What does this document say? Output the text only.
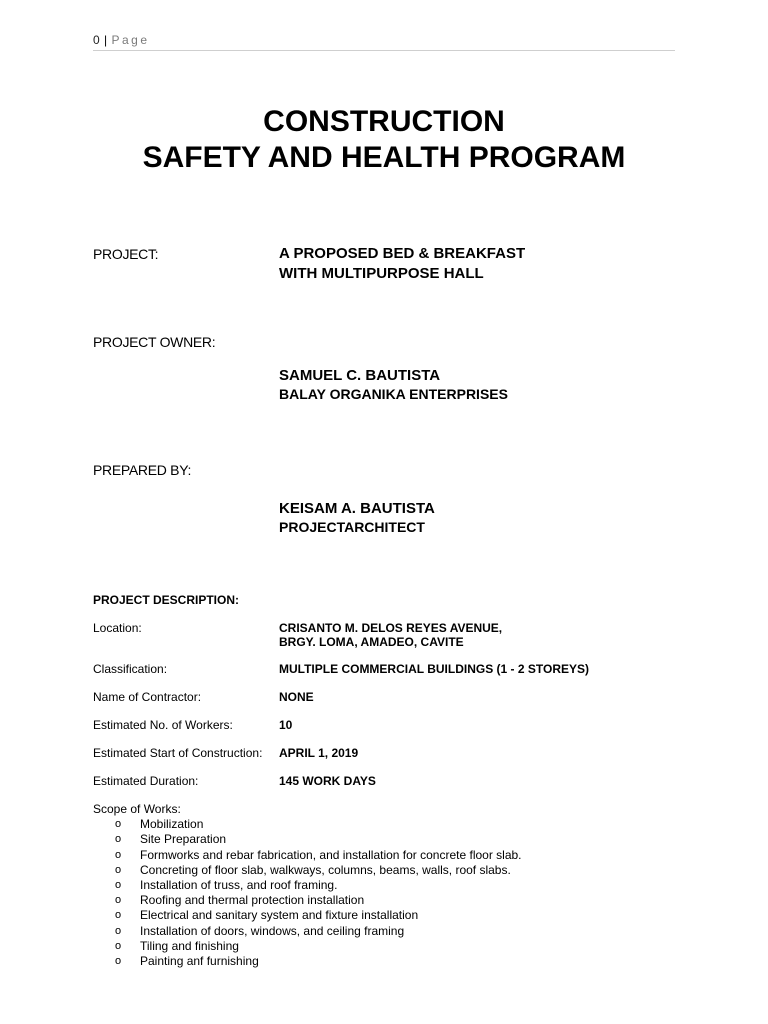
0 | Page
CONSTRUCTION
SAFETY AND HEALTH PROGRAM
PROJECT:	A PROPOSED BED & BREAKFAST
WITH MULTIPURPOSE HALL
PROJECT OWNER:
SAMUEL C. BAUTISTA
BALAY ORGANIKA ENTERPRISES
PREPARED BY:
KEISAM A. BAUTISTA
PROJECTARCHITECT
PROJECT DESCRIPTION:
Location:	CRISANTO M. DELOS REYES AVENUE,
BRGY. LOMA, AMADEO, CAVITE
Classification:	MULTIPLE COMMERCIAL BUILDINGS (1 - 2 STOREYS)
Name of Contractor:	NONE
Estimated No. of Workers:	10
Estimated Start of Construction: APRIL 1, 2019
Estimated Duration:	145 WORK DAYS
Scope of Works:
o Mobilization
o Site Preparation
o Formworks and rebar fabrication, and installation for concrete floor slab.
o Concreting of floor slab, walkways, columns, beams, walls, roof slabs.
o Installation of truss, and roof framing.
o Roofing and thermal protection installation
o Electrical and sanitary system and fixture installation
o Installation of doors, windows, and ceiling framing
o Tiling and finishing
o Painting anf furnishing
